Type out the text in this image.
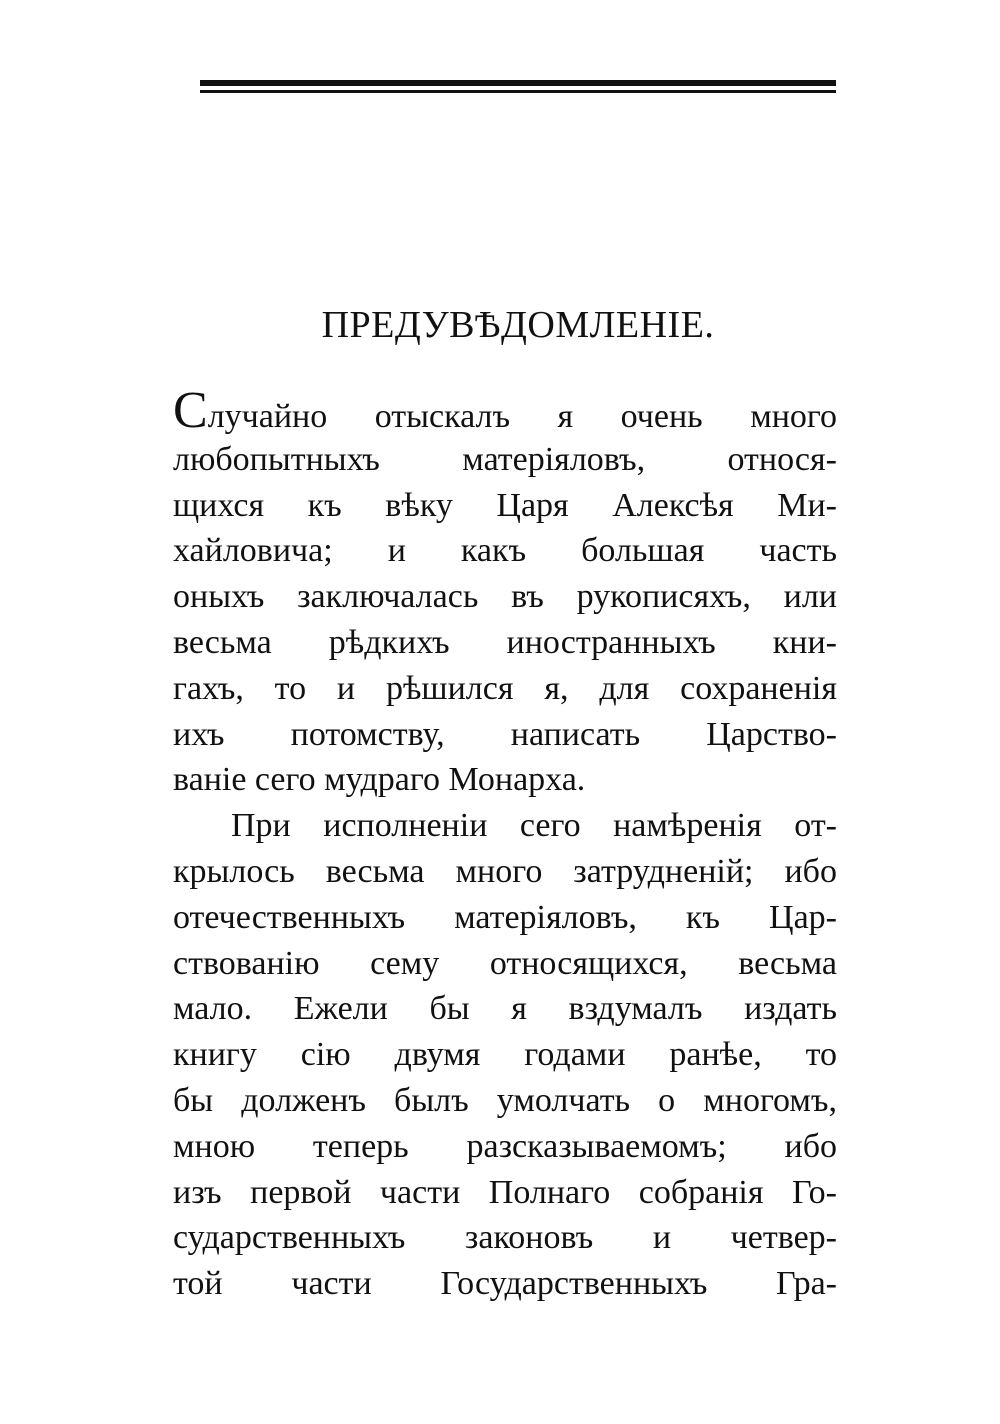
ПРЕДУВѢДОМЛЕНІЕ.
Случайно отыскалъ я очень много
любопытныхъ матеріяловъ, относя-
щихся къ вѣку Царя Алексѣя Ми-
хайловича; и какъ большая часть
оныхъ заключалась въ рукописяхъ, или
весьма рѣдкихъ иностранныхъ кни-
гахъ, то и рѣшился я, для сохраненія
ихъ потомству, написать Царство-
ваніе сего мудраго Монарха.
При исполненіи сего намѣренія от-
крылось весьма много затрудненій; ибо
отечественныхъ матеріяловъ, къ Цар-
ствованію сему относящихся, весьма
мало. Ежели бы я вздумалъ издать
книгу сію двумя годами ранѣе, то
бы долженъ былъ умолчать о многомъ,
мною теперь разсказываемомъ; ибо
изъ первой части Полнаго собранія Го-
сударственныхъ законовъ и четвер-
той части Государственныхъ Гра-
